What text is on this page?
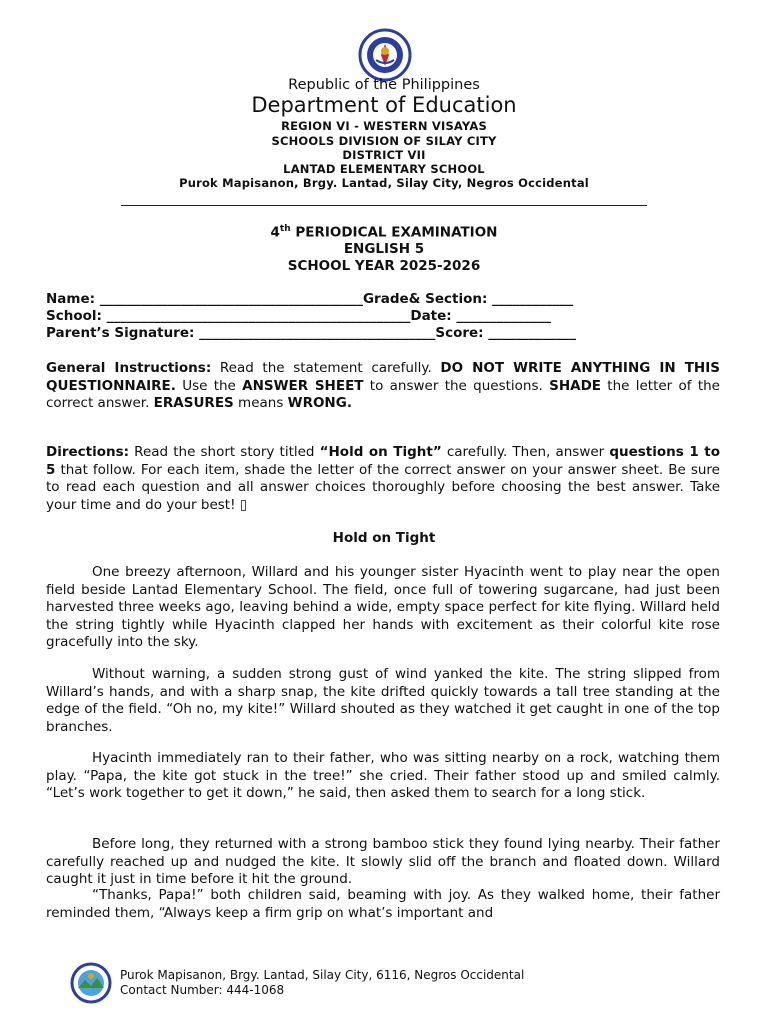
Republic of the Philippines
Department of Education
REGION VI - WESTERN VISAYAS
SCHOOLS DIVISION OF SILAY CITY
DISTRICT VII
LANTAD ELEMENTARY SCHOOL
Purok Mapisanon, Brgy. Lantad, Silay City, Negros Occidental
4th PERIODICAL EXAMINATION
ENGLISH 5
SCHOOL YEAR 2025-2026
Name: _______________________________________Grade& Section: ____________
School: _____________________________________________Date: ______________
Parent’s Signature: ___________________________________Score: _____________
General Instructions: Read the statement carefully. DO NOT WRITE ANYTHING IN THIS QUESTIONNAIRE. Use the ANSWER SHEET to answer the questions. SHADE the letter of the correct answer. ERASURES means WRONG.
Directions: Read the short story titled “Hold on Tight” carefully. Then, answer questions 1 to 5 that follow. For each item, shade the letter of the correct answer on your answer sheet. Be sure to read each question and all answer choices thoroughly before choosing the best answer. Take your time and do your best! ▯
Hold on Tight
One breezy afternoon, Willard and his younger sister Hyacinth went to play near the open field beside Lantad Elementary School. The field, once full of towering sugarcane, had just been harvested three weeks ago, leaving behind a wide, empty space perfect for kite flying. Willard held the string tightly while Hyacinth clapped her hands with excitement as their colorful kite rose gracefully into the sky.
Without warning, a sudden strong gust of wind yanked the kite. The string slipped from Willard’s hands, and with a sharp snap, the kite drifted quickly towards a tall tree standing at the edge of the field. “Oh no, my kite!” Willard shouted as they watched it get caught in one of the top branches.
Hyacinth immediately ran to their father, who was sitting nearby on a rock, watching them play. “Papa, the kite got stuck in the tree!” she cried. Their father stood up and smiled calmly. “Let’s work together to get it down,” he said, then asked them to search for a long stick.
Before long, they returned with a strong bamboo stick they found lying nearby. Their father carefully reached up and nudged the kite. It slowly slid off the branch and floated down. Willard caught it just in time before it hit the ground.
“Thanks, Papa!” both children said, beaming with joy. As they walked home, their father reminded them, “Always keep a firm grip on what’s important and
Purok Mapisanon, Brgy. Lantad, Silay City, 6116, Negros Occidental
Contact Number: 444-1068
